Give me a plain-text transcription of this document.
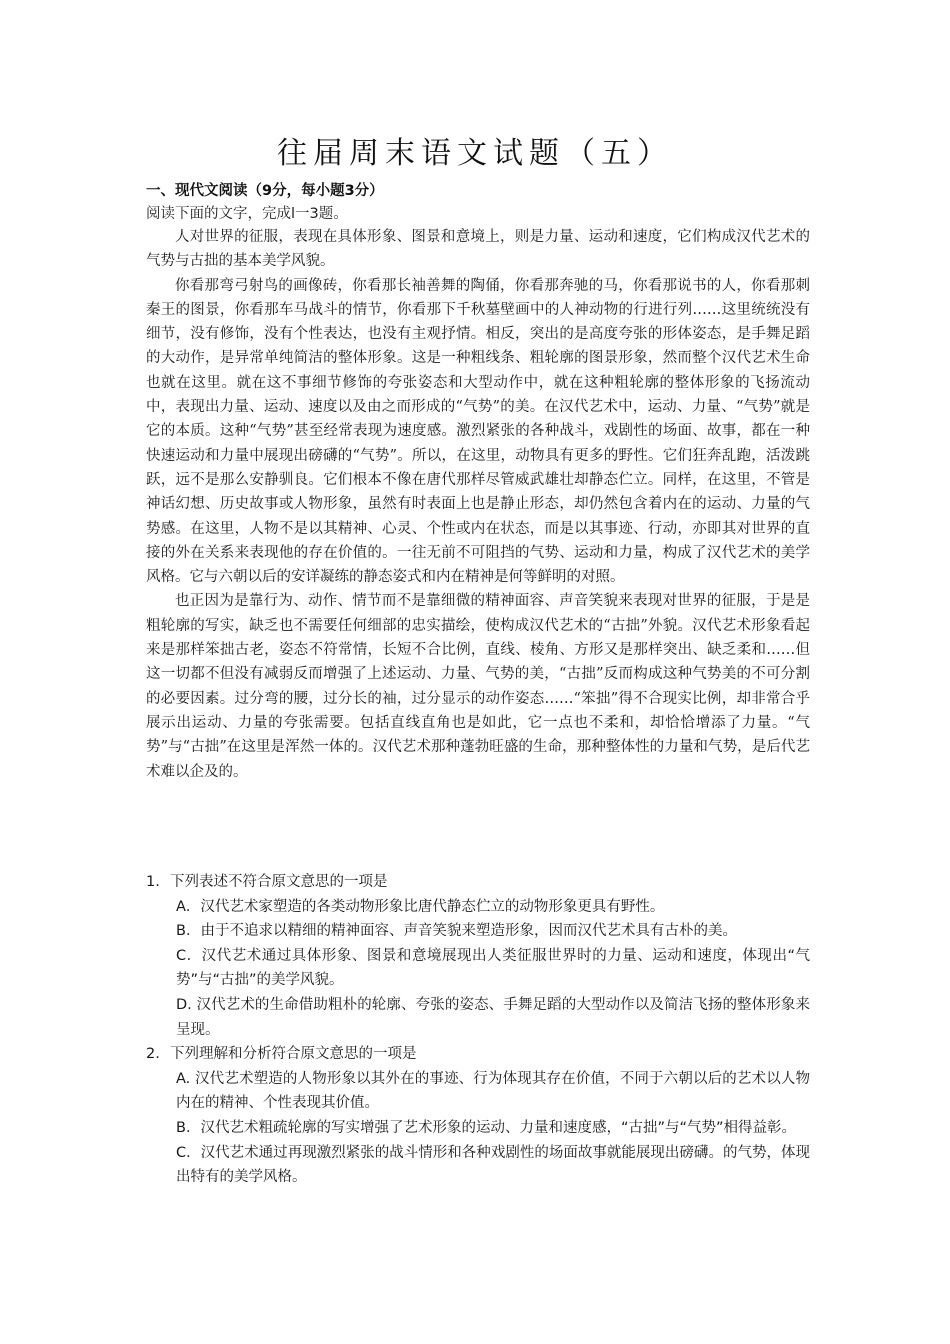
往届周末语文试题（五）
一、现代文阅读（9分，每小题3分）
阅读下面的文字，完成l一3题。

人对世界的征服，表现在具体形象、图景和意境上，则是力量、运动和速度，它们构成汉代艺术的气势与古拙的基本美学风貌。

你看那弯弓射鸟的画像砖，你看那长袖善舞的陶俑，你看那奔驰的马，你看那说书的人，你看那刺秦王的图景，你看那车马战斗的情节，你看那下千秋墓壁画中的人神动物的行进行列……这里统统没有细节，没有修饰，没有个性表达，也没有主观抒情。相反，突出的是高度夸张的形体姿态，是手舞足蹈的大动作，是异常单纯简洁的整体形象。这是一种粗线条、粗轮廓的图景形象，然而整个汉代艺术生命也就在这里。就在这不事细节修饰的夸张姿态和大型动作中，就在这种粗轮廓的整体形象的飞扬流动中，表现出力量、运动、速度以及由之而形成的“气势”的美。在汉代艺术中，运动、力量、“气势”就是它的本质。这种“气势”甚至经常表现为速度感。激烈紧张的各种战斗，戏剧性的场面、故事，都在一种快速运动和力量中展现出磅礴的“气势”。所以，在这里，动物具有更多的野性。它们狂奔乱跑，活泼跳跃，远不是那么安静驯良。它们根本不像在唐代那样尽管威武雄壮却静态伫立。同样，在这里，不管是神话幻想、历史故事或人物形象，虽然有时表面上也是静止形态，却仍然包含着内在的运动、力量的气势感。在这里，人物不是以其精神、心灵、个性或内在状态，而是以其事迹、行动，亦即其对世界的直接的外在关系来表现他的存在价值的。一往无前不可阻挡的气势、运动和力量，构成了汉代艺术的美学风格。它与六朝以后的安详凝练的静态姿式和内在精神是何等鲜明的对照。

也正因为是靠行为、动作、情节而不是靠细微的精神面容、声音笑貌来表现对世界的征服，于是是粗轮廓的写实，缺乏也不需要任何细部的忠实描绘，使构成汉代艺术的“古拙”外貌。汉代艺术形象看起来是那样笨拙古老，姿态不符常情，长短不合比例，直线、棱角、方形又是那样突出、缺乏柔和……但这一切都不但没有减弱反而增强了上述运动、力量、气势的美，“古拙”反而构成这种气势美的不可分割的必要因素。过分弯的腰，过分长的袖，过分显示的动作姿态……“笨拙”得不合现实比例，却非常合乎展示出运动、力量的夸张需要。包括直线直角也是如此，它一点也不柔和，却恰恰增添了力量。“气势”与“古拙”在这里是浑然一体的。汉代艺术那种蓬勃旺盛的生命，那种整体性的力量和气势，是后代艺术难以企及的。

1. 下列表述不符合原文意思的一项是
A．汉代艺术家塑造的各类动物形象比唐代静态伫立的动物形象更具有野性。
B．由于不追求以精细的精神面容、声音笑貌来塑造形象，因而汉代艺术具有古朴的美。
C．汉代艺术通过具体形象、图景和意境展现出人类征服世界时的力量、运动和速度，体现出“气势”与“古拙”的美学风貌。
D. 汉代艺术的生命借助粗朴的轮廓、夸张的姿态、手舞足蹈的大型动作以及简洁飞扬的整体形象来呈现。
2. 下列理解和分析符合原文意思的一项是
A. 汉代艺术塑造的人物形象以其外在的事迹、行为体现其存在价值，不同于六朝以后的艺术以人物内在的精神、个性表现其价值。
B．汉代艺术粗疏轮廓的写实增强了艺术形象的运动、力量和速度感，“古拙”与“气势”相得益彰。
C．汉代艺术通过再现激烈紧张的战斗情形和各种戏剧性的场面故事就能展现出磅礴。的气势，体现出特有的美学风格。
